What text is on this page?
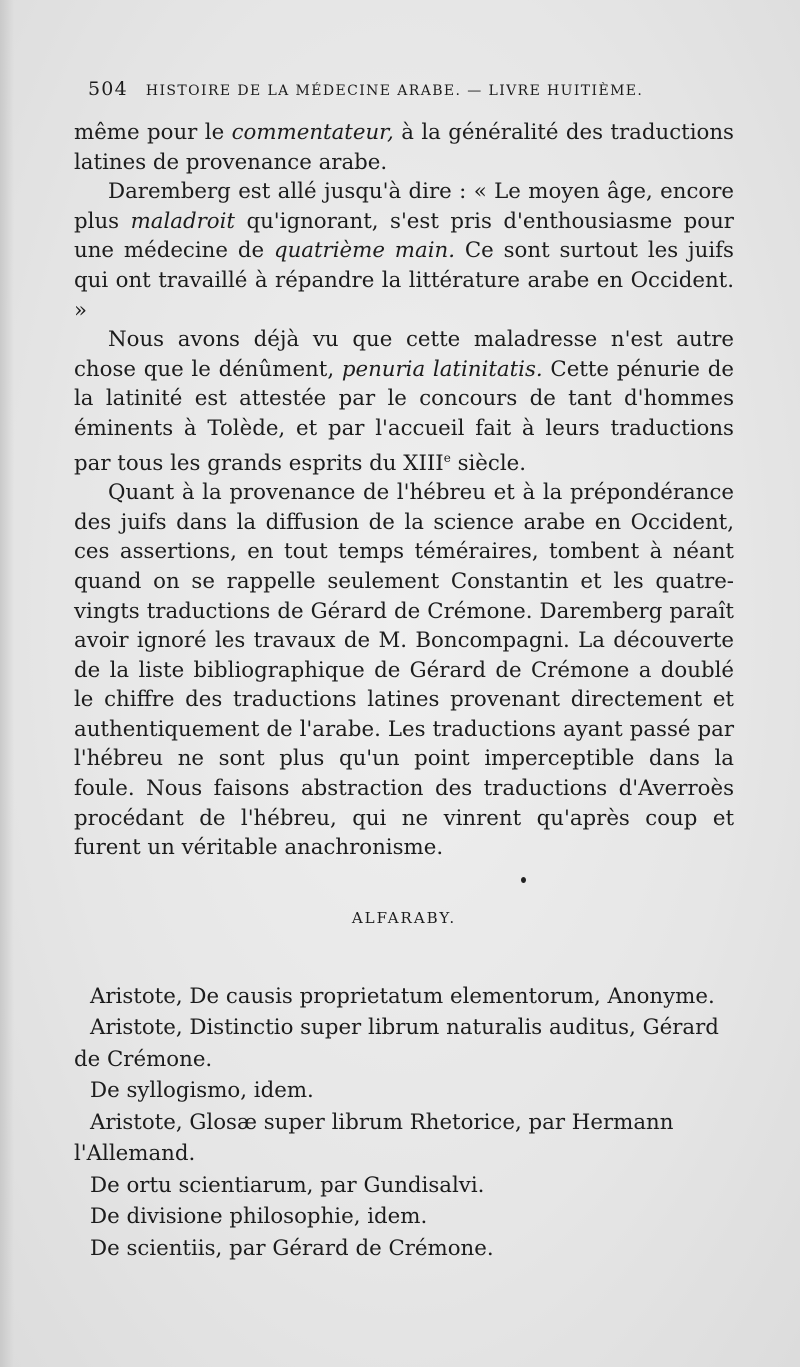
504 HISTOIRE DE LA MÉDECINE ARABE. — LIVRE HUITIÈME.

même pour le commentateur, à la généralité des traductions latines de provenance arabe.

Daremberg est allé jusqu'à dire : « Le moyen âge, encore plus maladroit qu'ignorant, s'est pris d'enthousiasme pour une médecine de quatrième main. Ce sont surtout les juifs qui ont travaillé à répandre la littérature arabe en Occident. »

Nous avons déjà vu que cette maladresse n'est autre chose que le dénûment, penuria latinitatis. Cette pénurie de la latinité est attestée par le concours de tant d'hommes éminents à Tolède, et par l'accueil fait à leurs traductions par tous les grands esprits du XIIIe siècle.

Quant à la provenance de l'hébreu et à la prépondérance des juifs dans la diffusion de la science arabe en Occident, ces assertions, en tout temps téméraires, tombent à néant quand on se rappelle seulement Constantin et les quatre-vingts traductions de Gérard de Crémone. Daremberg paraît avoir ignoré les travaux de M. Boncompagni. La découverte de la liste bibliographique de Gérard de Crémone a doublé le chiffre des traductions latines provenant directement et authentiquement de l'arabe. Les traductions ayant passé par l'hébreu ne sont plus qu'un point imperceptible dans la foule. Nous faisons abstraction des traductions d'Averroès procédant de l'hébreu, qui ne vinrent qu'après coup et furent un véritable anachronisme.

ALFARABY.

Aristote, De causis proprietatum elementorum, Anonyme.

Aristote, Distinctio super librum naturalis auditus, Gérard
de Crémone.

De syllogismo, idem.

Aristote, Glosæ super librum Rhetorice, par Hermann
l'Allemand.

De ortu scientiarum, par Gundisalvi.

De divisione philosophie, idem.

De scientiis, par Gérard de Crémone.
